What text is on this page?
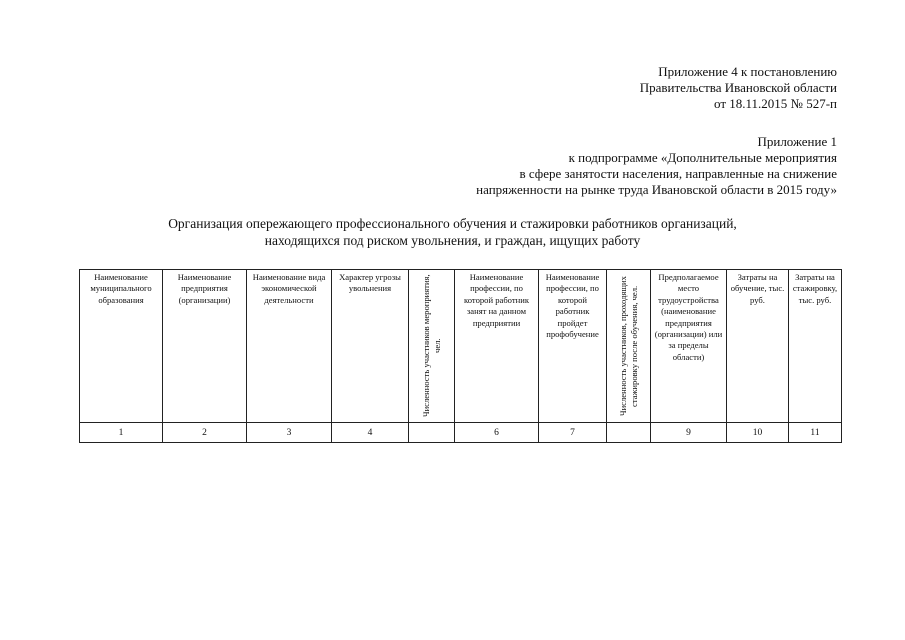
Приложение 4 к постановлению
Правительства Ивановской области
от 18.11.2015 № 527-п
Приложение 1
к подпрограмме «Дополнительные мероприятия
в сфере занятости населения, направленные на снижение
напряженности на рынке труда Ивановской области в 2015 году»
Организация опережающего профессионального обучения и стажировки работников организаций,
находящихся под риском увольнения, и граждан, ищущих работу
Наименование муниципального образования	Наименование предприятия (организации)	Наименование вида экономической деятельности	Характер угрозы увольнения	Численность участников мероприятия, чел.	Наименование профессии, по которой работник занят на данном предприятии	Наименование профессии, по которой работник пройдет профобучение	Численность участников, проходящих стажировку после обучения, чел.	Предполагаемое место трудоустройства (наименование предприятия (организации) или за пределы области)	Затраты на обучение, тыс. руб.	Затраты на стажировку, тыс. руб.
1	2	3	4		6	7		9	10	11
